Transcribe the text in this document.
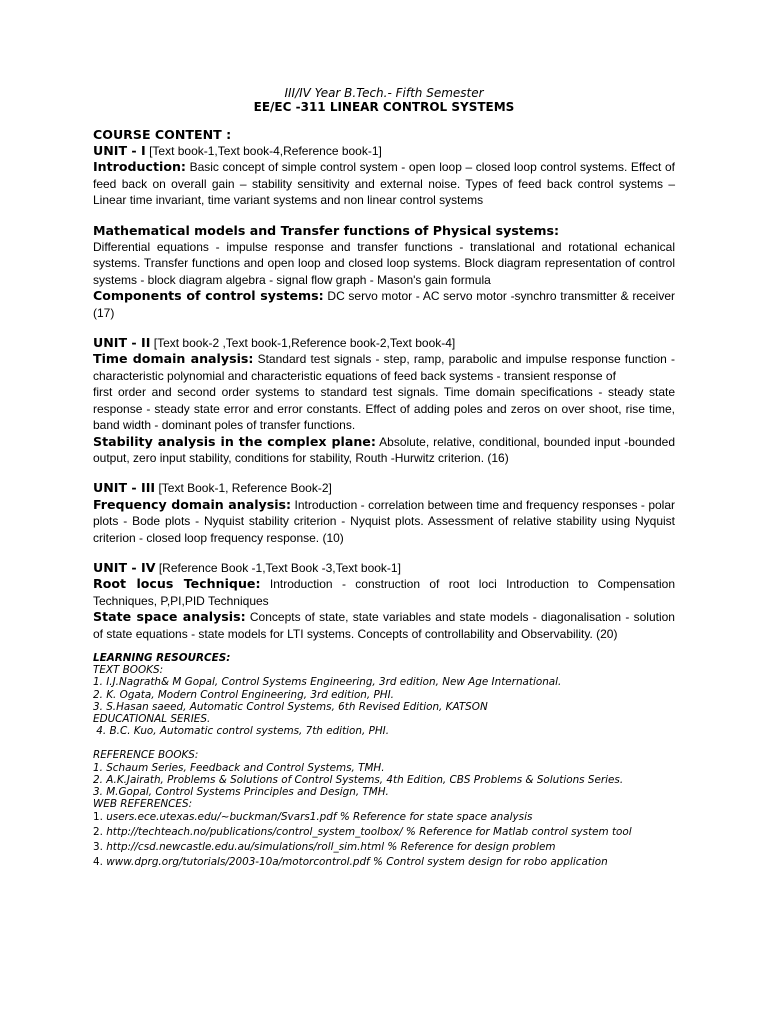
III/IV Year B.Tech.- Fifth Semester
EE/EC -311 LINEAR CONTROL SYSTEMS
COURSE CONTENT :
UNIT - I [Text book-1,Text book-4,Reference book-1]
Introduction: Basic concept of simple control system - open loop – closed loop control systems. Effect of feed back on overall gain – stability sensitivity and external noise. Types of feed back control systems – Linear time invariant, time variant systems and non linear control systems
Mathematical models and Transfer functions of Physical systems:
Differential equations - impulse response and transfer functions - translational and rotational echanical systems. Transfer functions and open loop and closed loop systems. Block diagram representation of control systems - block diagram algebra - signal flow graph - Mason's gain formula
Components of control systems: DC servo motor - AC servo motor -synchro transmitter & receiver (17)
UNIT - II [Text book-2 ,Text book-1,Reference book-2,Text book-4]
Time domain analysis: Standard test signals - step, ramp, parabolic and impulse response function - characteristic polynomial and characteristic equations of feed back systems - transient response of
first order and second order systems to standard test signals. Time domain specifications - steady state response - steady state error and error constants. Effect of adding poles and zeros on over shoot, rise time, band width - dominant poles of transfer functions.
Stability analysis in the complex plane: Absolute, relative, conditional, bounded input -bounded output, zero input stability, conditions for stability, Routh -Hurwitz criterion. (16)
UNIT - III [Text Book-1, Reference Book-2]
Frequency domain analysis: Introduction - correlation between time and frequency responses - polar plots - Bode plots - Nyquist stability criterion - Nyquist plots. Assessment of relative stability using Nyquist criterion - closed loop frequency response. (10)
UNIT - IV [Reference Book -1,Text Book -3,Text book-1]
Root locus Technique: Introduction - construction of root loci Introduction to Compensation Techniques, P,PI,PID Techniques
State space analysis: Concepts of state, state variables and state models - diagonalisation - solution of state equations - state models for LTI systems. Concepts of controllability and Observability. (20)
LEARNING RESOURCES:
TEXT BOOKS:
1. I.J.Nagrath& M Gopal, Control Systems Engineering, 3rd edition, New Age International.
2. K. Ogata, Modern Control Engineering, 3rd edition, PHI.
3. S.Hasan saeed, Automatic Control Systems, 6th Revised Edition, KATSON
EDUCATIONAL SERIES.
4. B.C. Kuo, Automatic control systems, 7th edition, PHI.
REFERENCE BOOKS:
1. Schaum Series, Feedback and Control Systems, TMH.
2. A.K.Jairath, Problems & Solutions of Control Systems, 4th Edition, CBS Problems & Solutions Series.
3. M.Gopal, Control Systems Principles and Design, TMH.
WEB REFERENCES:
1. users.ece.utexas.edu/~buckman/Svars1.pdf % Reference for state space analysis
2. http://techteach.no/publications/control_system_toolbox/ % Reference for Matlab control system tool
3. http://csd.newcastle.edu.au/simulations/roll_sim.html % Reference for design problem
4. www.dprg.org/tutorials/2003-10a/motorcontrol.pdf % Control system design for robo application
